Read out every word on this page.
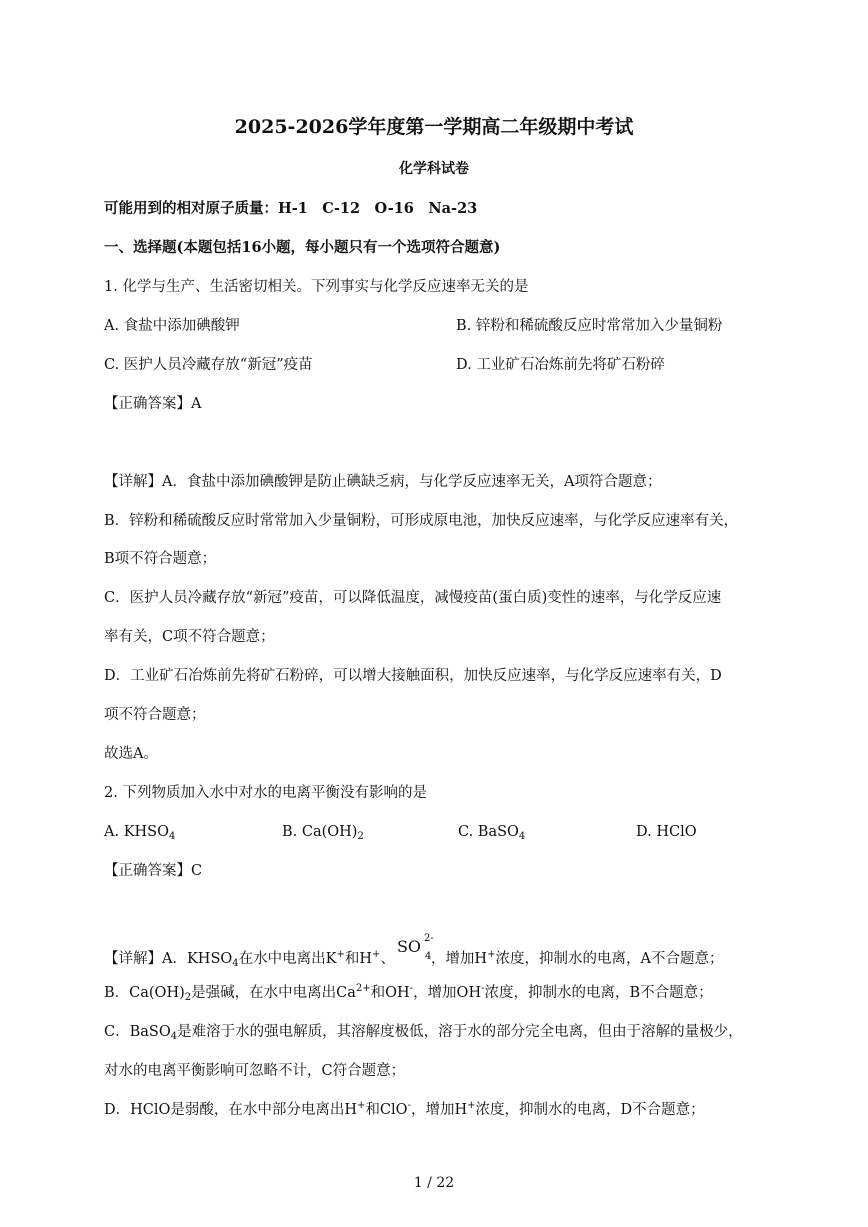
2025-2026学年度第一学期高二年级期中考试
化学科试卷
可能用到的相对原子质量：H-1　C-12　O-16　Na-23
一、选择题(本题包括16小题，每小题只有一个选项符合题意)
1. 化学与生产、生活密切相关。下列事实与化学反应速率无关的是
A. 食盐中添加碘酸钾	B. 锌粉和稀硫酸反应时常常加入少量铜粉
C. 医护人员冷藏存放“新冠”疫苗	D. 工业矿石冶炼前先将矿石粉碎
【正确答案】A
【详解】A．食盐中添加碘酸钾是防止碘缺乏病，与化学反应速率无关，A项符合题意；
B．锌粉和稀硫酸反应时常常加入少量铜粉，可形成原电池，加快反应速率，与化学反应速率有关，
B项不符合题意；
C．医护人员冷藏存放“新冠”疫苗，可以降低温度，减慢疫苗(蛋白质)变性的速率，与化学反应速
率有关，C项不符合题意；
D．工业矿石冶炼前先将矿石粉碎，可以增大接触面积，加快反应速率，与化学反应速率有关，D
项不符合题意；
故选A。
2. 下列物质加入水中对水的电离平衡没有影响的是
A. $KHSO_4$	B. $Ca(OH)_2$	C. BaSO$_4$	D. HClO
【正确答案】C
【详解】A．$KHSO_4$在水中电离出K+和H+、
SO 2-
4 ，增加H+浓度，抑制水的电离，A不合题意；
B．$Ca(OH)_2$是强碱，在水中电离出$Ca^{2+}$和OH-，增加OH-浓度，抑制水的电离，B不合题意；
C．BaSO$_4$是难溶于水的强电解质，其溶解度极低，溶于水的部分完全电离，但由于溶解的量极少，
对水的电离平衡影响可忽略不计，C符合题意；
D．HClO是弱酸，在水中部分电离出H+和ClO-，增加H+浓度，抑制水的电离，D不合题意；
1 / 22
